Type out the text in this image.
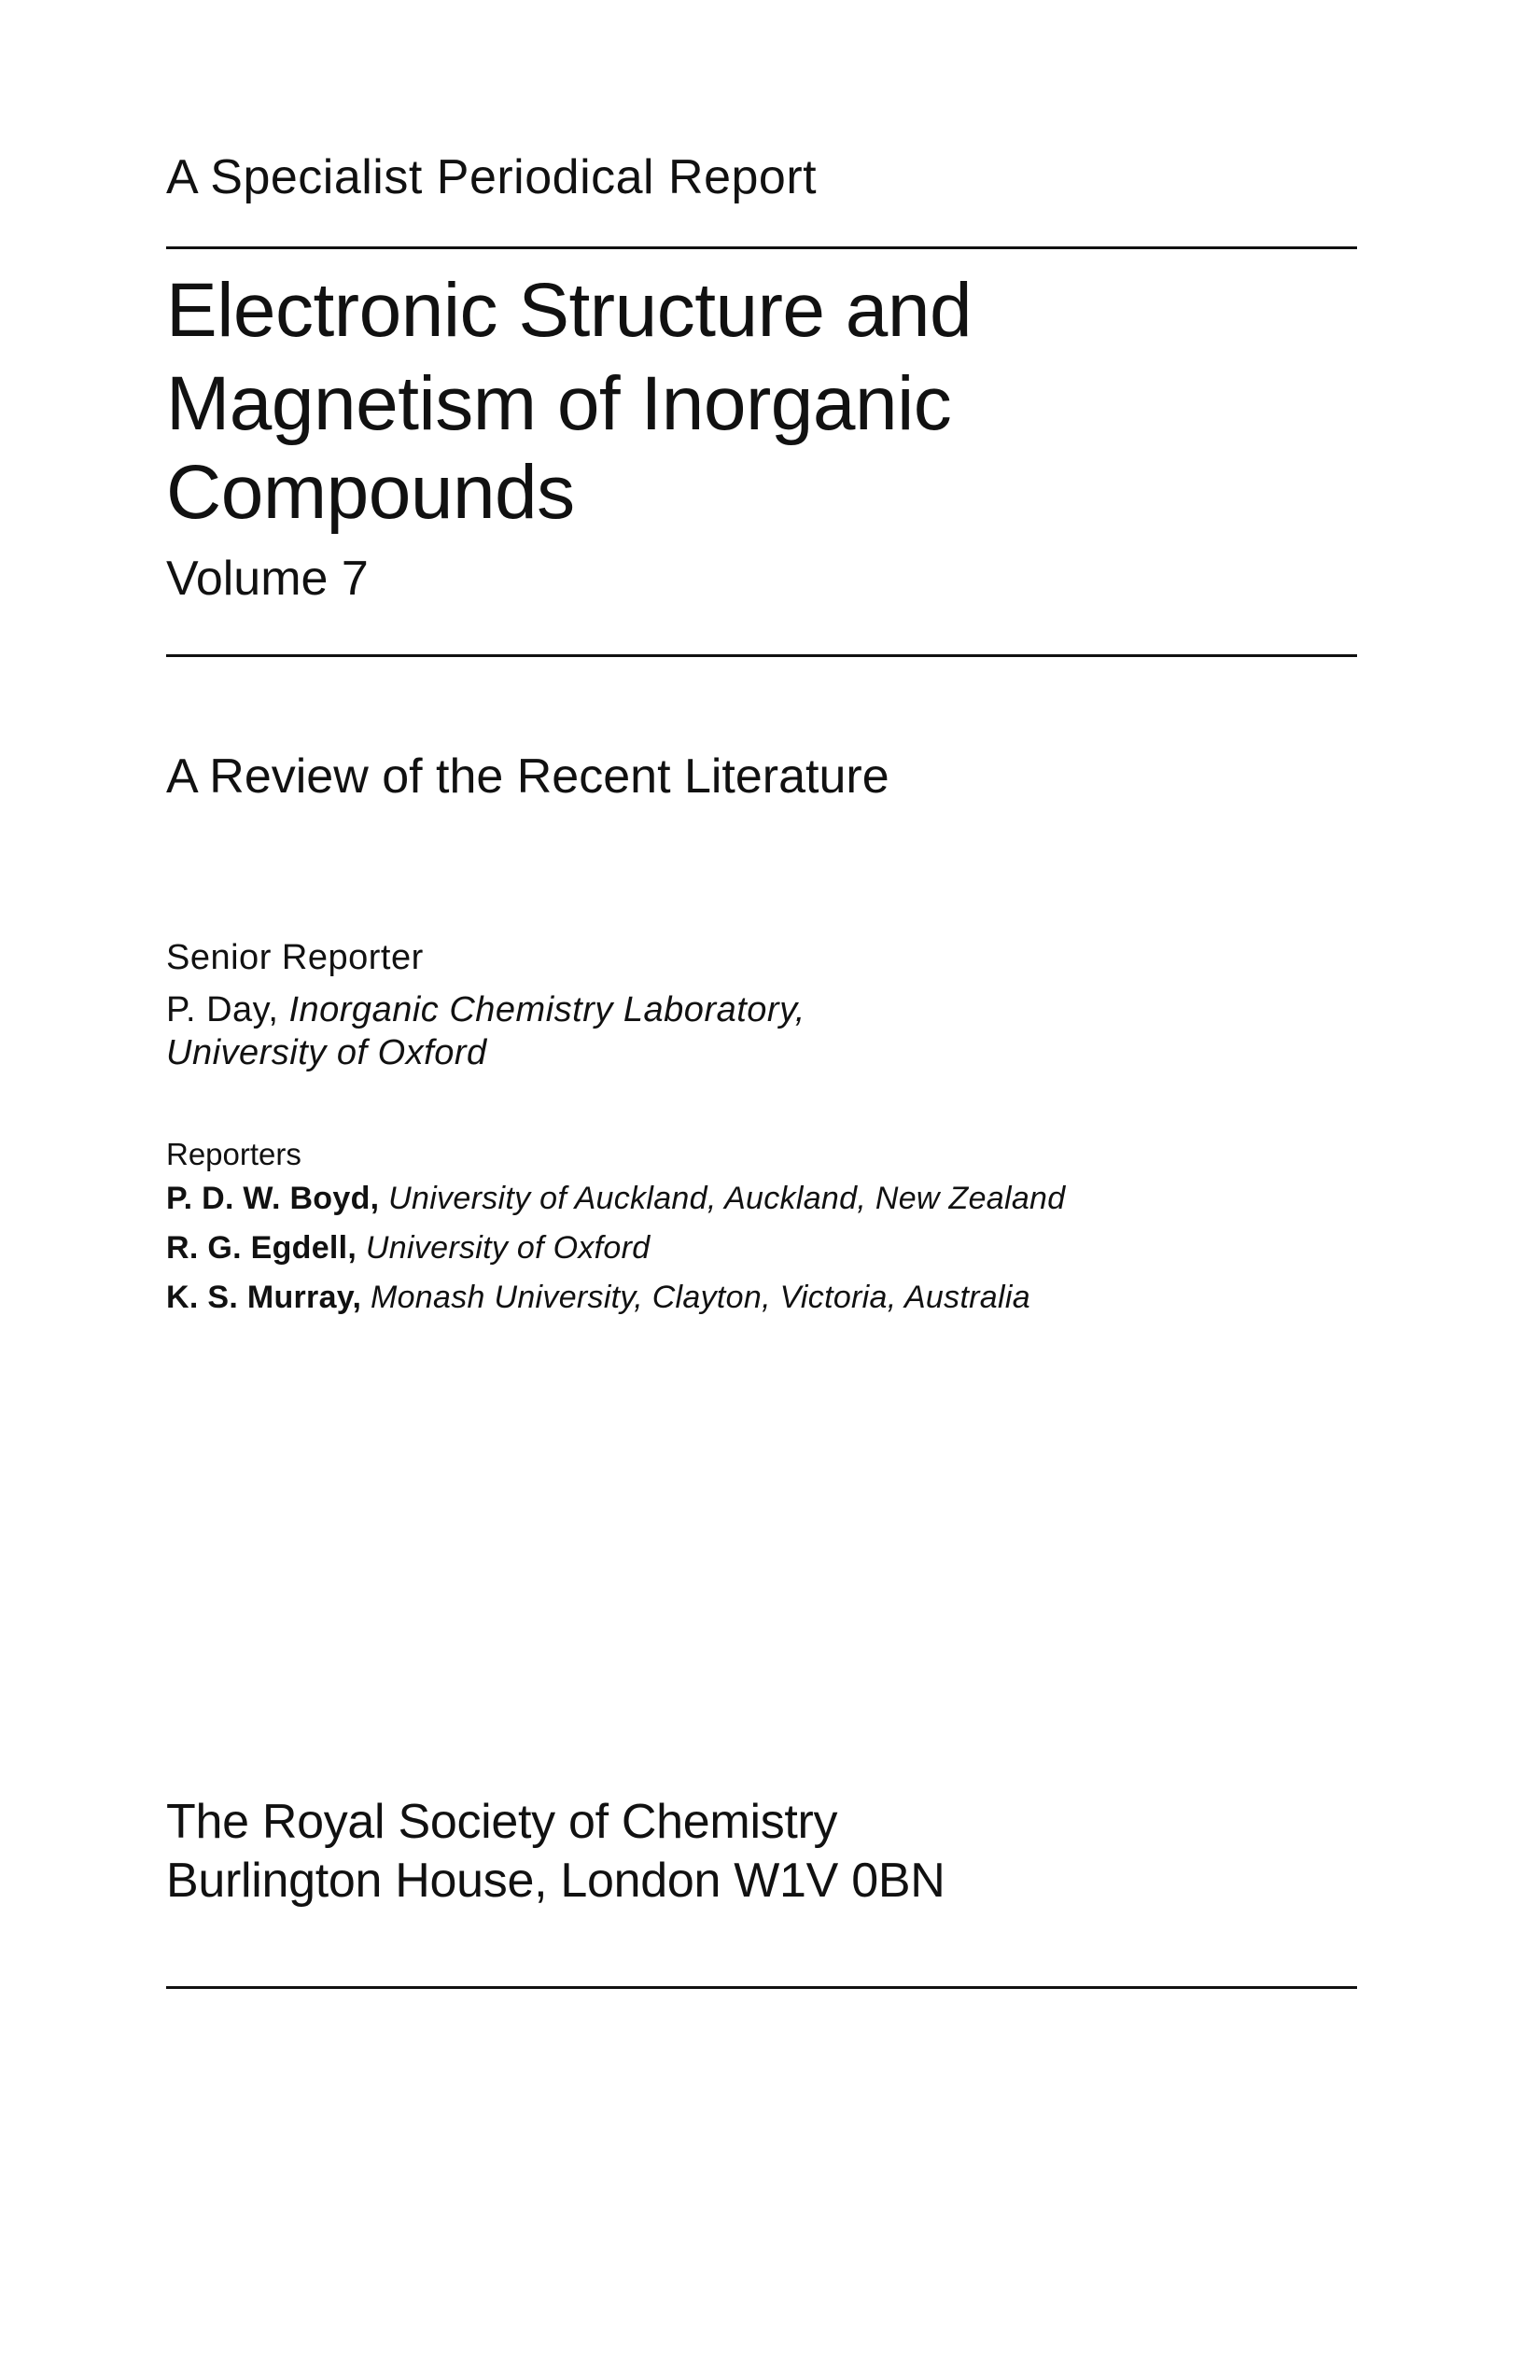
A Specialist Periodical Report

Electronic Structure and

Magnetism of Inorganic

Compounds

Volume 7

A Review of the Recent Literature

Senior Reporter

P. Day, Inorganic Chemistry Laboratory,

University of Oxford

Reporters

P. D. W. Boyd, University of Auckland, Auckland, New Zealand

R. G. Egdell, University of Oxford

K. S. Murray, Monash University, Clayton, Victoria, Australia

The Royal Society of Chemistry

Burlington House, London W1V 0BN
